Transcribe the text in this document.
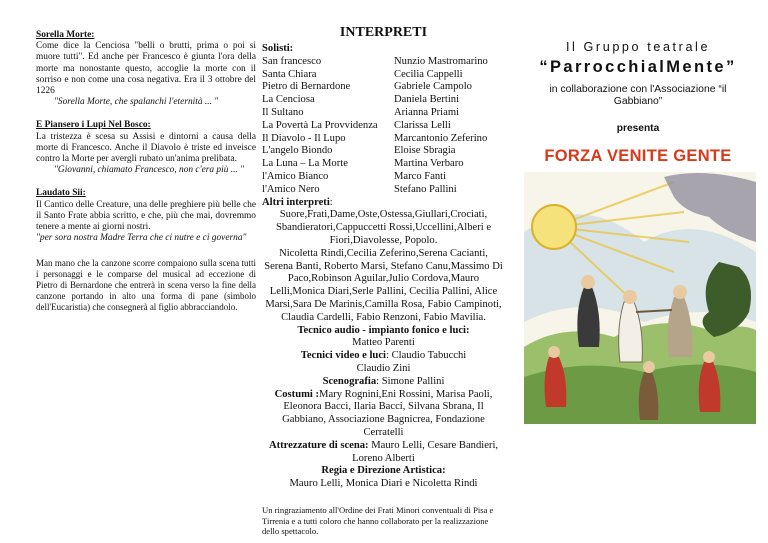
Sorella Morte:
Come dice la Cenciosa "belli o brutti, prima o poi si muore tutti". Ed anche per Francesco è giunta l'ora della morte ma nonostante questo, accoglie la morte con il sorriso e non come una cosa negativa. Era il 3 ottobre del 1226
"Sorella Morte, che spalanchi l'eternità ... "
E Piansero i Lupi Nel Bosco:
La tristezza è scesa su Assisi e dintorni a causa della morte di Francesco. Anche il Diavolo è triste ed inveisce contro la Morte per avergli rubato un'anima prelibata.
"Giovanni, chiamato Francesco, non c'era più ... "
Laudato Sii:
Il Cantico delle Creature, una delle preghiere più belle che il Santo Frate abbia scritto, e che, più che mai, dovremmo tenere a mente ai giorni nostri.
"per sora nostra Madre Terra che ci nutre e ci governa"
Man mano che la canzone scorre compaiono sulla scena tutti i personaggi e le comparse del musical ad eccezione di Pietro di Bernardone che entrerà in scena verso la fine della canzone portando in alto una forma di pane (simbolo dell'Eucaristia) che consegnerà al figlio abbracciandolo.
INTERPRETI
Solisti:
San francesco	Nunzio Mastromarino
Santa Chiara	Cecilia Cappelli
Pietro di Bernardone	Gabriele Campolo
La Cenciosa	Daniela Bertini
Il Sultano	Arianna Priami
La Povertà La Provvidenza	Clarissa Lelli
Il Diavolo - Il Lupo	Marcantonio Zeferino
L'angelo Biondo	Eloise Sbragia
La Luna – La Morte	Martina Verbaro
l'Amico Bianco	Marco Fanti
l'Amico Nero	Stefano Pallini
Altri interpreti:
Suore,Frati,Dame,Oste,Ostessa,Giullari,Crociati, Sbandieratori,Cappuccetti Rossi,Uccellini,Alberi e Fiori,Diavolesse, Popolo.
Nicoletta Rindi,Cecilia Zeferino,Serena Cacianti, Serena Banti, Roberto Marsi, Stefano Canu,Massimo Di Paco,Robinson Aguilar,Julio Cordova,Mauro Lelli,Monica Diari,Serle Pallini, Cecilia Pallini, Alice Marsi,Sara De Marinis,Camilla Rosa, Fabio Campinoti, Claudia Cardelli, Fabio Renzoni, Fabio Mavilia.
Tecnico audio - impianto fonico e luci:
Matteo Parenti
Tecnici video e luci: Claudio Tabucchi
Claudio Zini
Scenografia: Simone Pallini
Costumi :Mary Rognini,Eni Rossini, Marisa Paoli, Eleonora Bacci, Ilaria Bacci, Silvana Sbrana, Il Gabbiano, Associazione Bagnicrea, Fondazione Cerratelli
Attrezzature di scena: Mauro Lelli, Cesare Bandieri, Loreno Alberti
Regia e Direzione Artistica:
Mauro Lelli, Monica Diari e Nicoletta Rindi
Un ringraziamento all'Ordine dei Frati Minori conventuali di Pisa e Tirrenia e a tutti coloro che hanno collaborato per la realizzazione dello spettacolo.
Il Gruppo teatrale
“ParrocchialMente”
in collaborazione con l'Associazione “il Gabbiano”
presenta
FORZA VENITE GENTE
